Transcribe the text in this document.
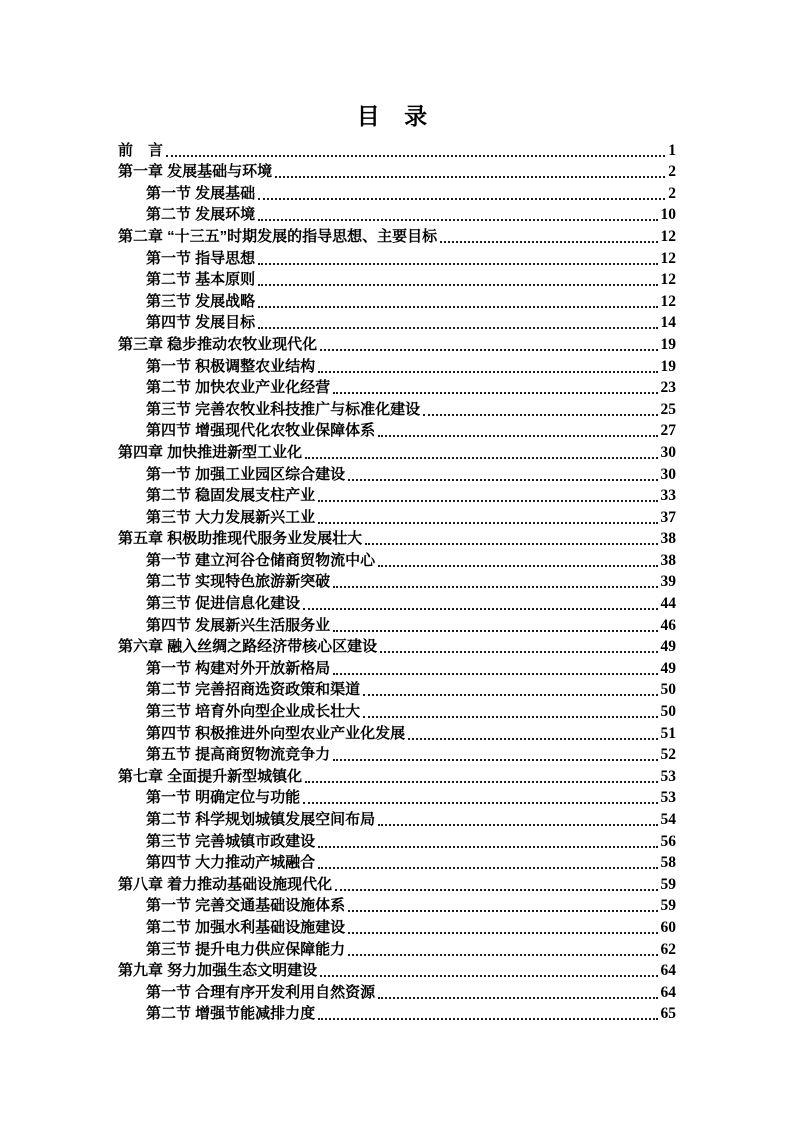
目 录
前　言	1
第一章 发展基础与环境	2
第一节 发展基础	2
第二节 发展环境	10
第二章 “十三五”时期发展的指导思想、主要目标	12
第一节 指导思想	12
第二节 基本原则	12
第三节 发展战略	12
第四节 发展目标	14
第三章 稳步推动农牧业现代化	19
第一节 积极调整农业结构	19
第二节 加快农业产业化经营	23
第三节 完善农牧业科技推广与标准化建设	25
第四节 增强现代化农牧业保障体系	27
第四章 加快推进新型工业化	30
第一节 加强工业园区综合建设	30
第二节 稳固发展支柱产业	33
第三节 大力发展新兴工业	37
第五章 积极助推现代服务业发展壮大	38
第一节 建立河谷仓储商贸物流中心	38
第二节 实现特色旅游新突破	39
第三节 促进信息化建设	44
第四节 发展新兴生活服务业	46
第六章 融入丝绸之路经济带核心区建设	49
第一节 构建对外开放新格局	49
第二节 完善招商选资政策和渠道	50
第三节 培育外向型企业成长壮大	50
第四节 积极推进外向型农业产业化发展	51
第五节 提高商贸物流竞争力	52
第七章 全面提升新型城镇化	53
第一节 明确定位与功能	53
第二节 科学规划城镇发展空间布局	54
第三节 完善城镇市政建设	56
第四节 大力推动产城融合	58
第八章 着力推动基础设施现代化	59
第一节 完善交通基础设施体系	59
第二节 加强水利基础设施建设	60
第三节 提升电力供应保障能力	62
第九章 努力加强生态文明建设	64
第一节 合理有序开发利用自然资源	64
第二节 增强节能减排力度	65
